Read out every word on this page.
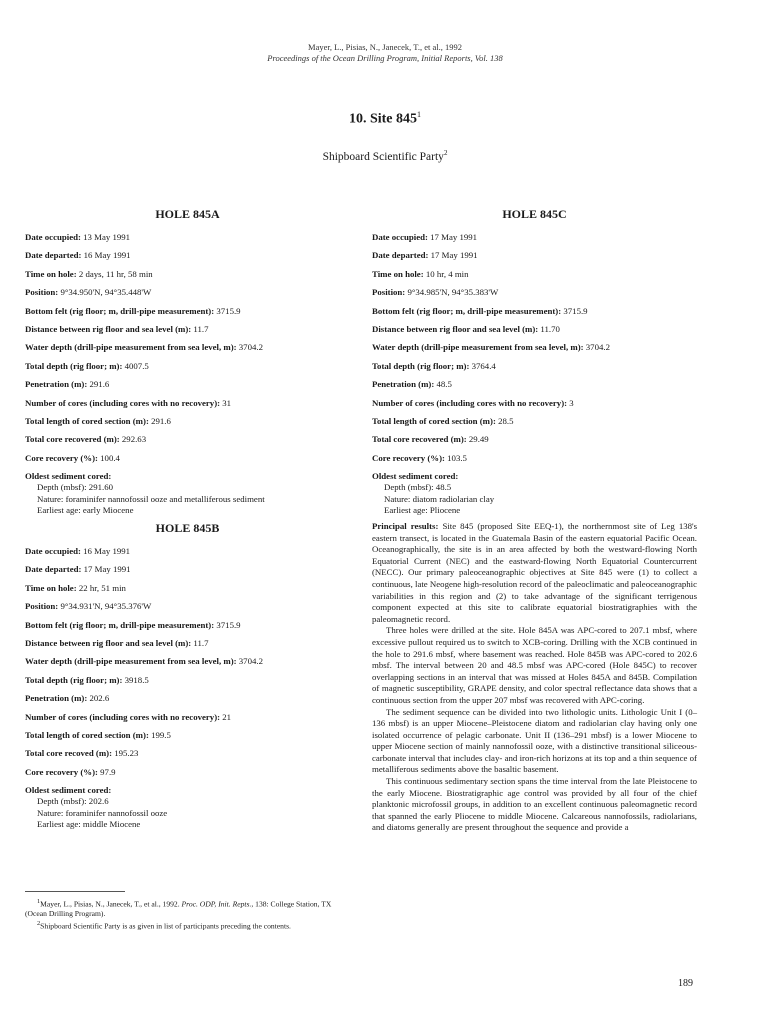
Mayer, L., Pisias, N., Janecek, T., et al., 1992
Proceedings of the Ocean Drilling Program, Initial Reports, Vol. 138
10. Site $845^1$
Shipboard Scientific Party$^2$
HOLE 845A
Date occupied: 13 May 1991
Date departed: 16 May 1991
Time on hole: 2 days, 11 hr, 58 min
Position: 9°34.950'N, 94°35.448'W
Bottom felt (rig floor; m, drill-pipe measurement): 3715.9
Distance between rig floor and sea level (m): 11.7
Water depth (drill-pipe measurement from sea level, m): 3704.2
Total depth (rig floor; m): 4007.5
Penetration (m): 291.6
Number of cores (including cores with no recovery): 31
Total length of cored section (m): 291.6
Total core recovered (m): 292.63
Core recovery (%): 100.4
Oldest sediment cored:
Depth (mbsf): 291.60
Nature: foraminifer nannofossil ooze and metalliferous sediment
Earliest age: early Miocene
HOLE 845B
Date occupied: 16 May 1991
Date departed: 17 May 1991
Time on hole: 22 hr, 51 min
Position: 9°34.931'N, 94°35.376'W
Bottom felt (rig floor; m, drill-pipe measurement): 3715.9
Distance between rig floor and sea level (m): 11.7
Water depth (drill-pipe measurement from sea level, m): 3704.2
Total depth (rig floor; m): 3918.5
Penetration (m): 202.6
Number of cores (including cores with no recovery): 21
Total length of cored section (m): 199.5
Total core recoved (m): 195.23
Core recovery (%): 97.9
Oldest sediment cored:
Depth (mbsf): 202.6
Nature: foraminifer nannofossil ooze
Earliest age: middle Miocene
HOLE 845C
Date occupied: 17 May 1991
Date departed: 17 May 1991
Time on hole: 10 hr, 4 min
Position: 9°34.985'N, 94°35.383'W
Bottom felt (rig floor; m, drill-pipe measurement): 3715.9
Distance between rig floor and sea level (m): 11.70
Water depth (drill-pipe measurement from sea level, m): 3704.2
Total depth (rig floor; m): 3764.4
Penetration (m): 48.5
Number of cores (including cores with no recovery): 3
Total length of cored section (m): 28.5
Total core recovered (m): 29.49
Core recovery (%): 103.5
Oldest sediment cored:
Depth (mbsf): 48.5
Nature: diatom radiolarian clay
Earliest age: Pliocene
Principal results: Site 845 (proposed Site EEQ-1), the northernmost site of Leg 138's eastern transect, is located in the Guatemala Basin of the eastern equatorial Pacific Ocean. Oceanographically, the site is in an area affected by both the westward-flowing North Equatorial Current (NEC) and the eastward-flowing North Equatorial Countercurrent (NECC). Our primary paleoceanographic objectives at Site 845 were (1) to collect a continuous, late Neogene high-resolution record of the paleoclimatic and paleoceanographic variabilities in this region and (2) to take advantage of the significant terrigenous component expected at this site to calibrate equatorial biostratigraphies with the paleomagnetic record.
Three holes were drilled at the site. Hole 845A was APC-cored to 207.1 mbsf, where excessive pullout required us to switch to XCB-coring. Drilling with the XCB continued in the hole to 291.6 mbsf, where basement was reached. Hole 845B was APC-cored to 202.6 mbsf. The interval between 20 and 48.5 mbsf was APC-cored (Hole 845C) to recover overlapping sections in an interval that was missed at Holes 845A and 845B. Compilation of magnetic susceptibility, GRAPE density, and color spectral reflectance data shows that a continuous section from the upper 207 mbsf was recovered with APC-coring.
The sediment sequence can be divided into two lithologic units. Lithologic Unit I (0–136 mbsf) is an upper Miocene–Pleistocene diatom and radiolarian clay having only one isolated occurrence of pelagic carbonate. Unit II (136–291 mbsf) is a lower Miocene to upper Miocene section of mainly nannofossil ooze, with a distinctive transitional siliceous-carbonate interval that includes clay- and iron-rich horizons at its top and a thin sequence of metalliferous sediments above the basaltic basement.
This continuous sedimentary section spans the time interval from the late Pleistocene to the early Miocene. Biostratigraphic age control was provided by all four of the chief planktonic microfossil groups, in addition to an excellent continuous paleomagnetic record that spanned the early Pliocene to middle Miocene. Calcareous nannofossils, radiolarians, and diatoms generally are present throughout the sequence and provide a
$^1$Mayer, L., Pisias, N., Janecek, T., et al., 1992. Proc. ODP, Init. Repts., 138: College Station, TX (Ocean Drilling Program).
$^2$Shipboard Scientific Party is as given in list of participants preceding the contents.
189
